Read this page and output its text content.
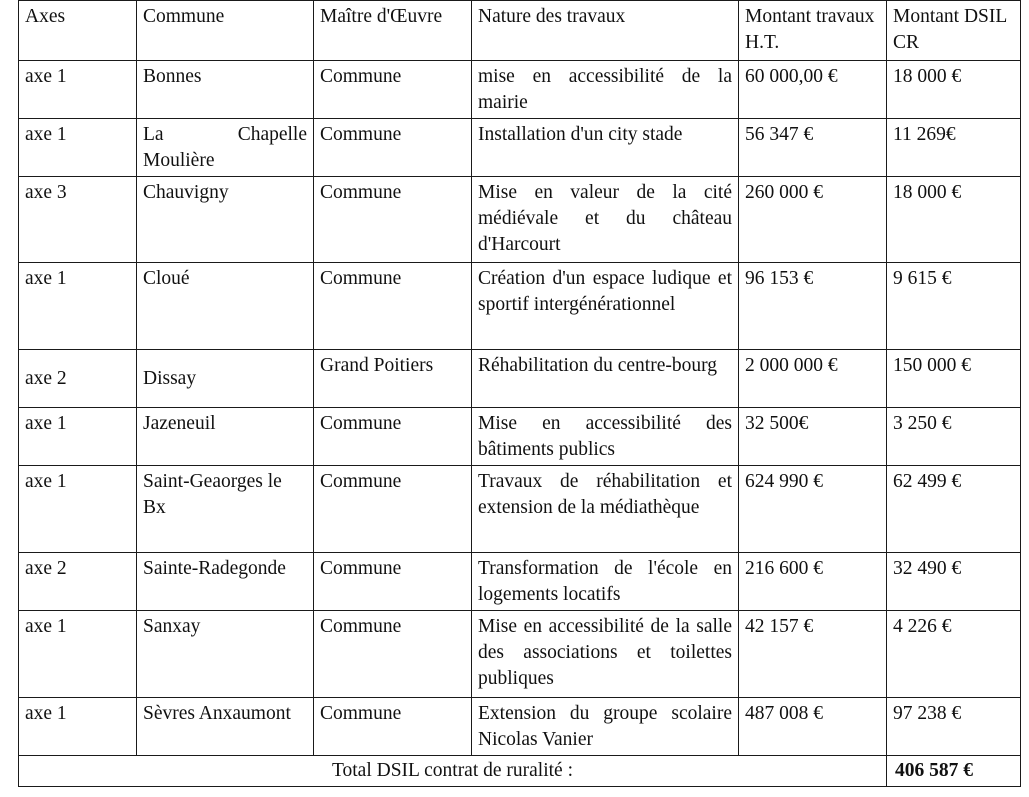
Axes	Commune	Maître d'Œuvre	Nature des travaux	Montant travaux H.T.	Montant DSIL CR
axe 1	Bonnes	Commune	mise en accessibilité de la mairie	60 000,00 €	18 000 €
axe 1	La Chapelle Moulière	Commune	Installation d'un city stade	56 347 €	11 269€
axe 3	Chauvigny	Commune	Mise en valeur de la cité médiévale et du château d'Harcourt	260 000 €	18 000 €
axe 1	Cloué	Commune	Création d'un espace ludique et sportif intergénérationnel	96 153 €	9 615 €
axe 2	Dissay	Grand Poitiers	Réhabilitation du centre-bourg	2 000 000 €	150 000 €
axe 1	Jazeneuil	Commune	Mise en accessibilité des bâtiments publics	32 500€	3 250 €
axe 1	Saint-Geaorges le Bx	Commune	Travaux de réhabilitation et extension de la médiathèque	624 990 €	62 499 €
axe 2	Sainte-Radegonde	Commune	Transformation de l'école en logements locatifs	216 600 €	32 490 €
axe 1	Sanxay	Commune	Mise en accessibilité de la salle des associations et toilettes publiques	42 157 €	4 226 €
axe 1	Sèvres Anxaumont	Commune	Extension du groupe scolaire Nicolas Vanier	487 008 €	97 238 €
Total DSIL contrat de ruralité :					406 587 €
